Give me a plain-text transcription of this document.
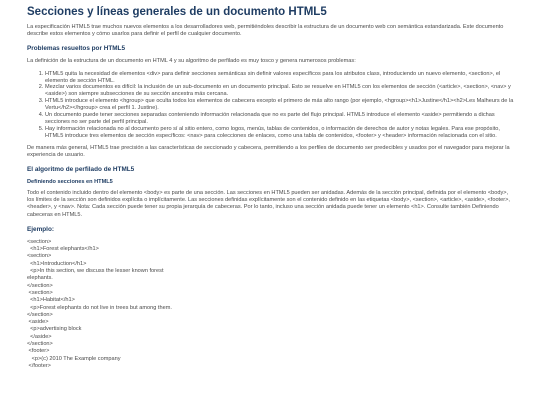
Secciones y líneas generales de un documento HTML5

La especificación HTML5 trae muchos nuevos elementos a los desarrolladores web, permitiéndoles describir la estructura de un documento web con semántica estandarizada. Este documento describe estos elementos y cómo usarlos para definir el perfil de cualquier documento.

Problemas resueltos por HTML5

La definición de la estructura de un documento en HTML 4 y su algoritmo de perfilado es muy tosco y genera numerosos problemas:

1. HTML5 quita la necesidad de elementos <div> para definir secciones semánticas sin definir valores específicos para los atributos class, introduciendo un nuevo elemento, <section>, el elemento de sección HTML.
2. Mezclar varios documentos es difícil: la inclusión de un sub-documento en un documento principal. Esto se resuelve en HTML5 con los elementos de sección (<article>, <section>, <nav> y <aside>) son siempre subsecciones de su sección ancestra más cercana.
3. HTML5 introduce el elemento <hgroup> que oculta todos los elementos de cabecera excepto el primero de más alto rango (por ejemplo, <hgroup><h1>Justine</h1><h2>Les Malheurs de la Vertu</h2></hgroup> crea el perfil 1. Justine).
4. Un documento puede tener secciones separadas conteniendo información relacionada que no es parte del flujo principal. HTML5 introduce el elemento <aside> permitiendo a dichas secciones no ser parte del perfil principal.
5. Hay información relacionada no al documento pero sí al sitio entero, como logos, menús, tablas de contenidos, o información de derechos de autor y notas legales. Para ese propósito, HTML5 introduce tres elementos de sección específicos: <nav> para colecciones de enlaces, como una tabla de contenidos, <footer> y <header> información relacionada con el sitio.

De manera más general, HTML5 trae precisión a las características de seccionado y cabecera, permitiendo a los perfiles de documento ser predecibles y usados por el navegador para mejorar la experiencia de usuario.

El algoritmo de perfilado de HTML5
Definiendo secciones en HTML5

Todo el contenido incluido dentro del elemento <body> es parte de una sección. Las secciones en HTML5 pueden ser anidadas. Además de la sección principal, definida por el elemento <body>, los límites de la sección son definidos explícita o implícitamente. Las secciones definidas explícitamente son el contenido definido en las etiquetas <body>, <section>, <article>, <aside>, <footer>, <header>, y <nav>. Nota: Cada sección puede tener su propia jerarquía de cabeceras. Por lo tanto, incluso una sección anidada puede tener un elemento <h1>. Consulte también Definiendo cabeceras en HTML5.

Ejemplo:
<section>
<h1>Forest elephants</h1>
<section>
<h1>Introduction</h1>
<p>In this section, we discuss the lesser known forest
elephants.
</section>
<section>
<h1>Habitat</h1>
<p>Forest elephants do not live in trees but among them.
</section>
<aside>
<p>advertising block
</aside>
</section>
<footer>
<p>(c) 2010 The Example company
</footer>
